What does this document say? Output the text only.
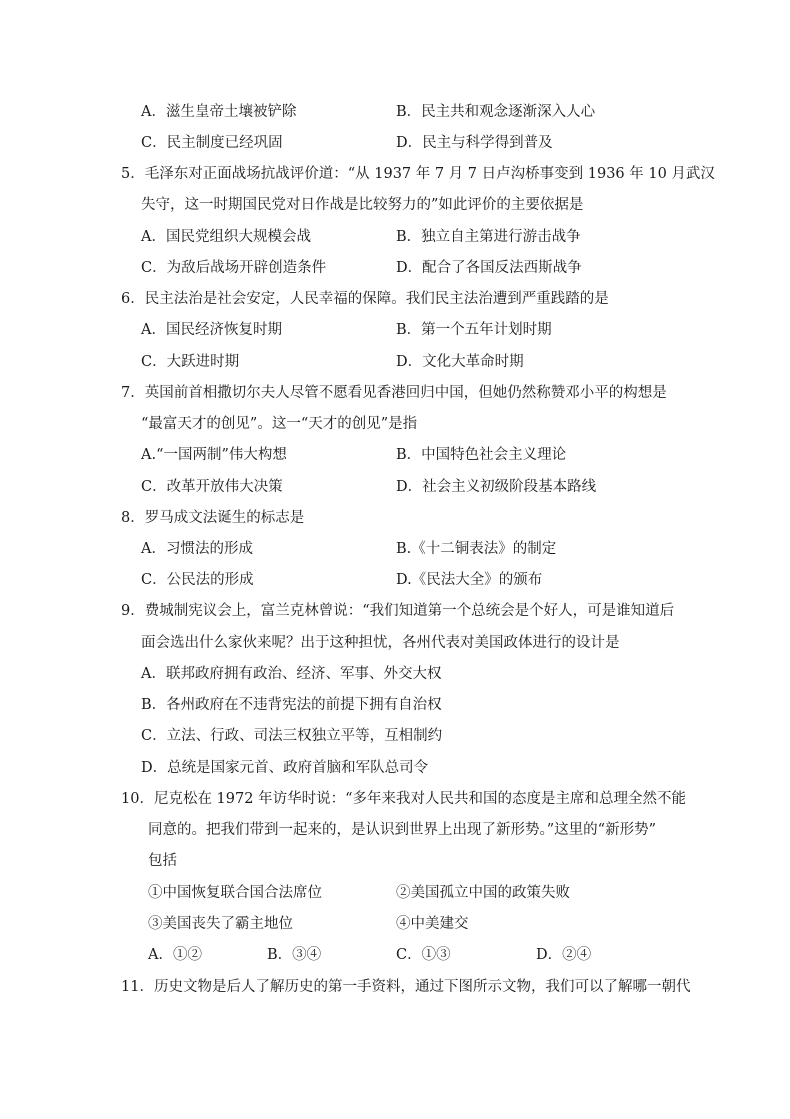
A．滋生皇帝土壤被铲除	B．民主共和观念逐渐深入人心
C．民主制度已经巩固	D．民主与科学得到普及
5．毛泽东对正面战场抗战评价道：“从 1937 年 7 月 7 日卢沟桥事变到 1936 年 10 月武汉
失守，这一时期国民党对日作战是比较努力的”如此评价的主要依据是
A．国民党组织大规模会战	B．独立自主第进行游击战争
C．为敌后战场开辟创造条件	D．配合了各国反法西斯战争
6．民主法治是社会安定，人民幸福的保障。我们民主法治遭到严重践踏的是
A．国民经济恢复时期	B．第一个五年计划时期
C．大跃进时期	D．文化大革命时期
7．英国前首相撒切尔夫人尽管不愿看见香港回归中国，但她仍然称赞邓小平的构想是
“最富天才的创见”。这一“天才的创见”是指
A.“一国两制”伟大构想	B．中国特色社会主义理论
C．改革开放伟大决策	D．社会主义初级阶段基本路线
8．罗马成文法诞生的标志是
A．习惯法的形成	B.《十二铜表法》的制定
C．公民法的形成	D.《民法大全》的颁布
9．费城制宪议会上，富兰克林曾说：“我们知道第一个总统会是个好人，可是谁知道后
面会选出什么家伙来呢？出于这种担忧，各州代表对美国政体进行的设计是
A．联邦政府拥有政治、经济、军事、外交大权
B．各州政府在不违背宪法的前提下拥有自治权
C．立法、行政、司法三权独立平等，互相制约
D．总统是国家元首、政府首脑和军队总司令
10．尼克松在 1972 年访华时说：“多年来我对人民共和国的态度是主席和总理全然不能
同意的。把我们带到一起来的，是认识到世界上出现了新形势。”这里的“新形势”
包括
①中国恢复联合国合法席位	②美国孤立中国的政策失败
③美国丧失了霸主地位	④中美建交
A．①②	B．③④	C．①③	D．②④
11．历史文物是后人了解历史的第一手资料，通过下图所示文物，我们可以了解哪一朝代
